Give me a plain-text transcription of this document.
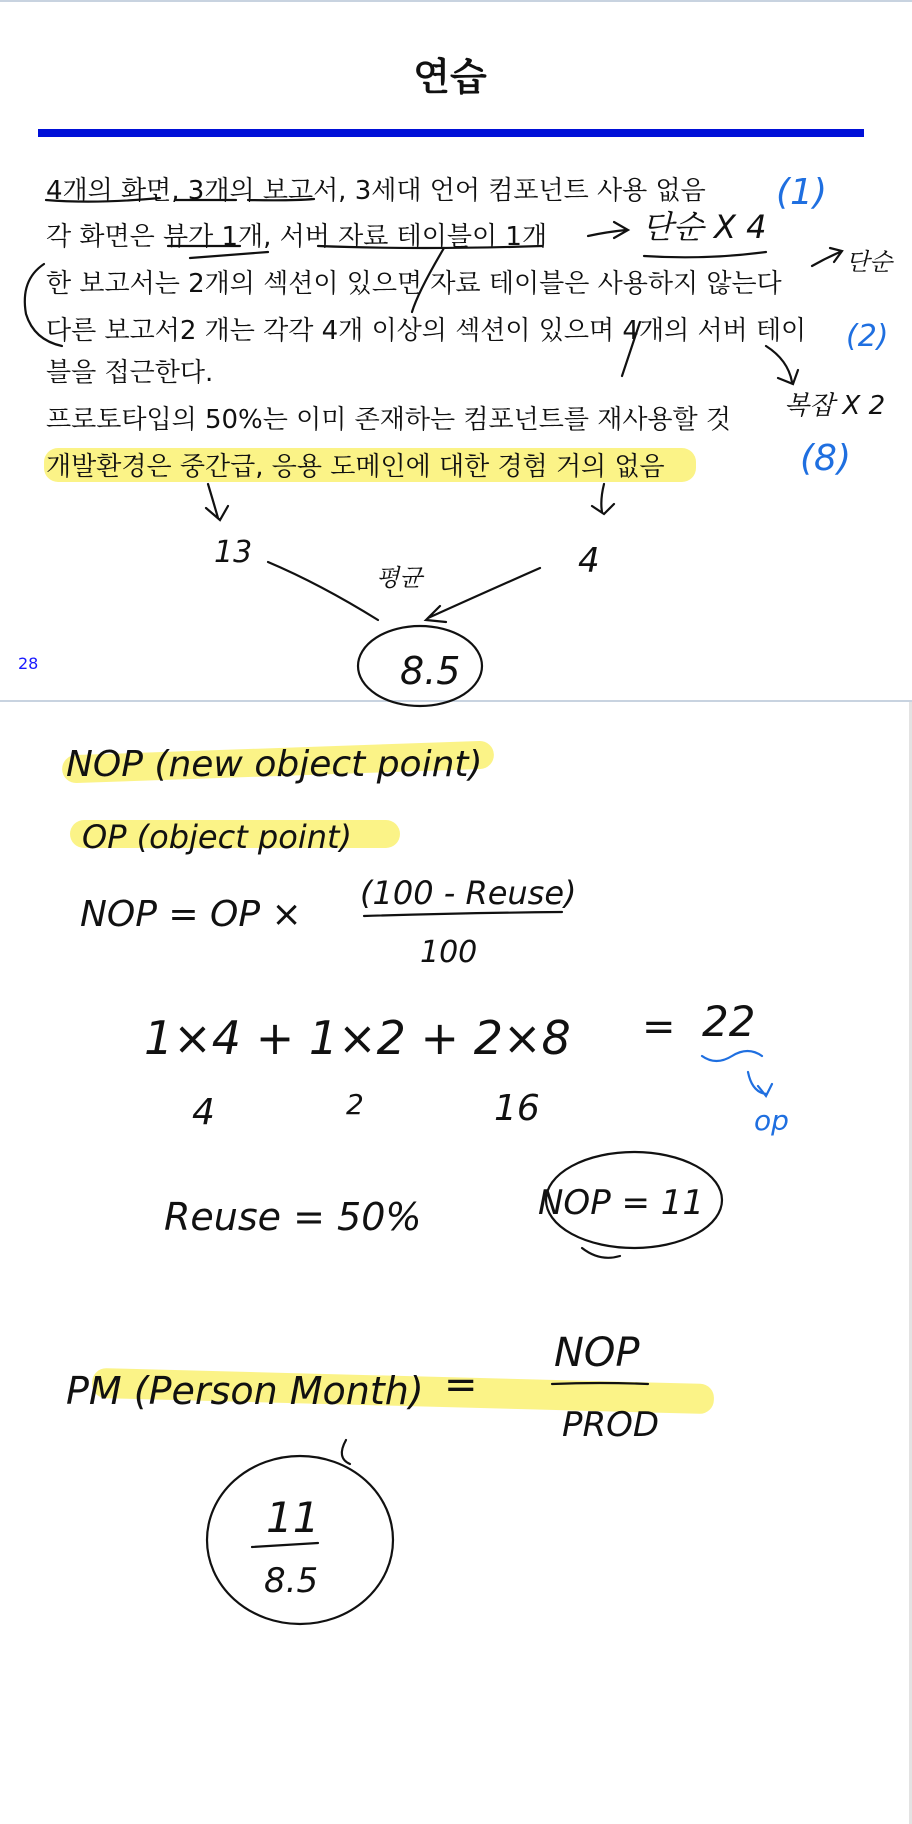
연습
4개의 화면, 3개의 보고서, 3세대 언어 컴포넌트 사용 없음
각 화면은 뷰가 1개, 서버 자료 테이블이 1개
한 보고서는 2개의 섹션이 있으면 자료 테이블은 사용하지 않는다
다른 보고서2 개는 각각 4개 이상의 섹션이 있으며 4개의 서버 테이
블을 접근한다.
프로토타입의 50%는 이미 존재하는 컴포넌트를 재사용할 것
개발환경은 중간급, 응용 도메인에 대한 경험 거의 없음
28
(1)
단순 X 4
단순
(2)
복잡 X 2
(8)
13	4
평균
8.5
NOP (new object point)
OP (object point)
NOP = OP ×
(100 - Reuse)
100
1×4 + 1×2 + 2×8 = 22
op
4	2	16
Reuse = 50%	NOP = 11
PM (Person Month) =
NOP
PROD
11
8.5
